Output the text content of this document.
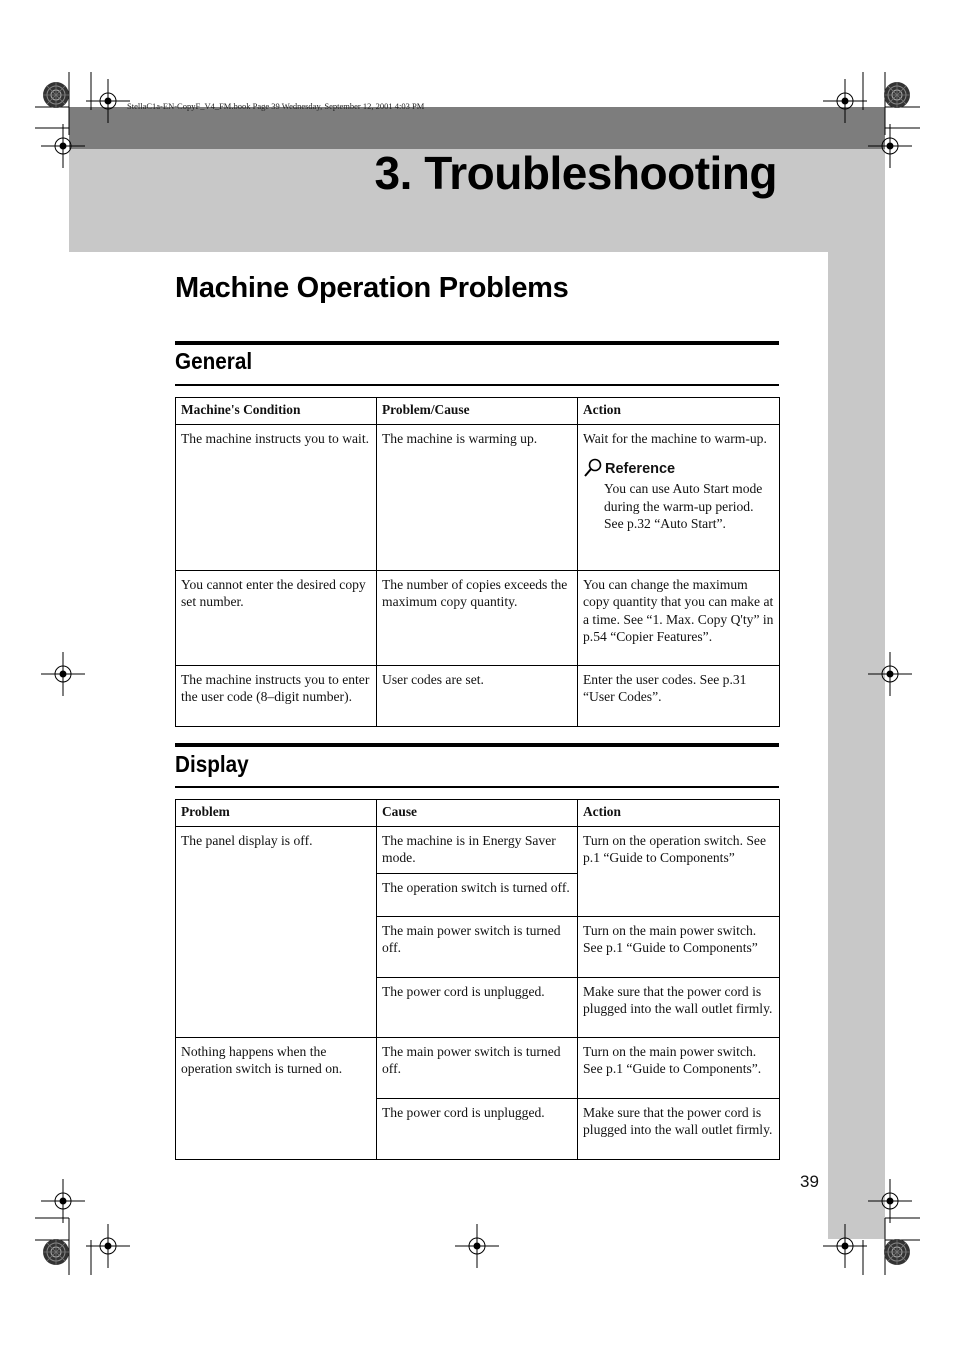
StellaC1a-EN-CopyF_V4_FM.book Page 39 Wednesday, September 12, 2001 4:03 PM
3. Troubleshooting
Machine Operation Problems
General
Machine's Condition	Problem/Cause	Action
The machine instructs you to wait.	The machine is warming up.	Wait for the machine to warm-up.
Reference
You can use Auto Start mode during the warm-up period. See p.32 “Auto Start”.

You cannot enter the desired copy set number.	The number of copies exceeds the maximum copy quantity.	You can change the maximum copy quantity that you can make at a time. See “1. Max. Copy Q'ty” in p.54 “Copier Features”.
The machine instructs you to enter the user code (8–digit number).	User codes are set.	Enter the user codes. See p.31 “User Codes”.
Display
Problem	Cause	Action
The panel display is off.	The machine is in Energy Saver mode.	Turn on the operation switch. See p.1 “Guide to Components”
	The operation switch is turned off.	
	The main power switch is turned off.	Turn on the main power switch. See p.1 “Guide to Components”
	The power cord is unplugged.	Make sure that the power cord is plugged into the wall outlet firmly.
Nothing happens when the operation switch is turned on.	The main power switch is turned off.	Turn on the main power switch. See p.1 “Guide to Components”.
	The power cord is unplugged.	Make sure that the power cord is plugged into the wall outlet firmly.
39
